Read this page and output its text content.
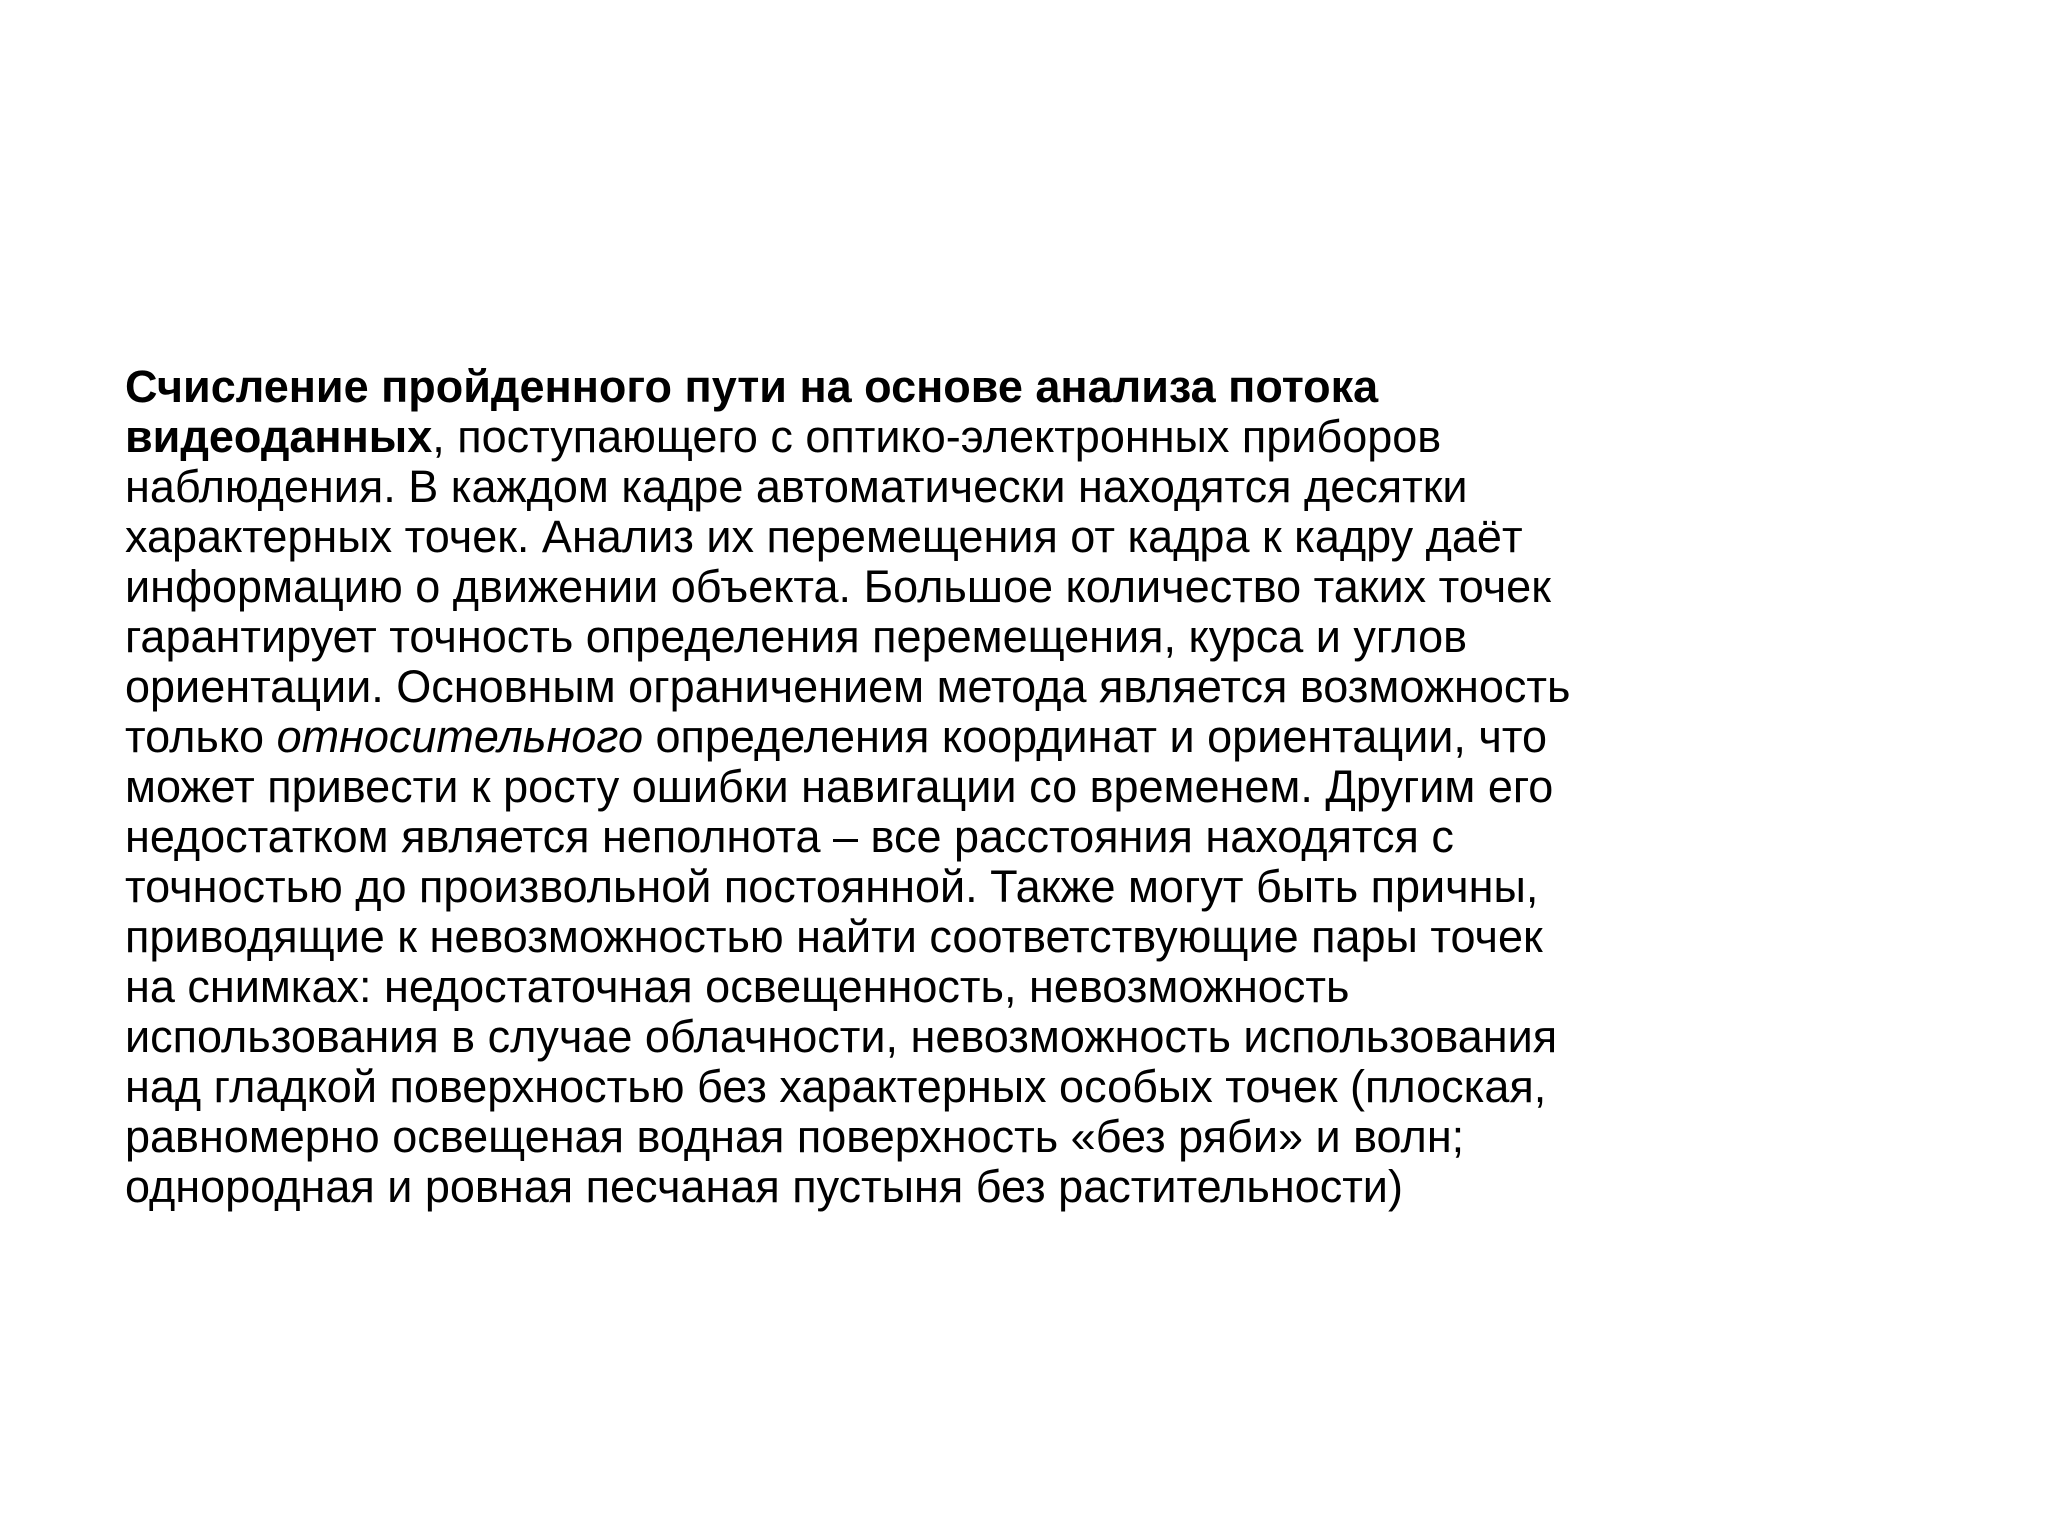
Счисление пройденного пути на основе анализа потока
видеоданных, поступающего с оптико-электронных приборов
наблюдения. В каждом кадре автоматически находятся десятки
характерных точек. Анализ их перемещения от кадра к кадру даёт
информацию о движении объекта. Большое количество таких точек
гарантирует точность определения перемещения, курса и углов
ориентации. Основным ограничением метода является возможность
только относительного определения координат и ориентации, что
может привести к росту ошибки навигации со временем. Другим его
недостатком является неполнота – все расстояния находятся с
точностью до произвольной постоянной. Также могут быть причны,
приводящие к невозможностью найти соответствующие пары точек
на снимках: недостаточная освещенность, невозможность
использования в случае облачности, невозможность использования
над гладкой поверхностью без характерных особых точек (плоская,
равномерно освещеная водная поверхность «без ряби» и волн;
однородная и ровная песчаная пустыня без растительности)
